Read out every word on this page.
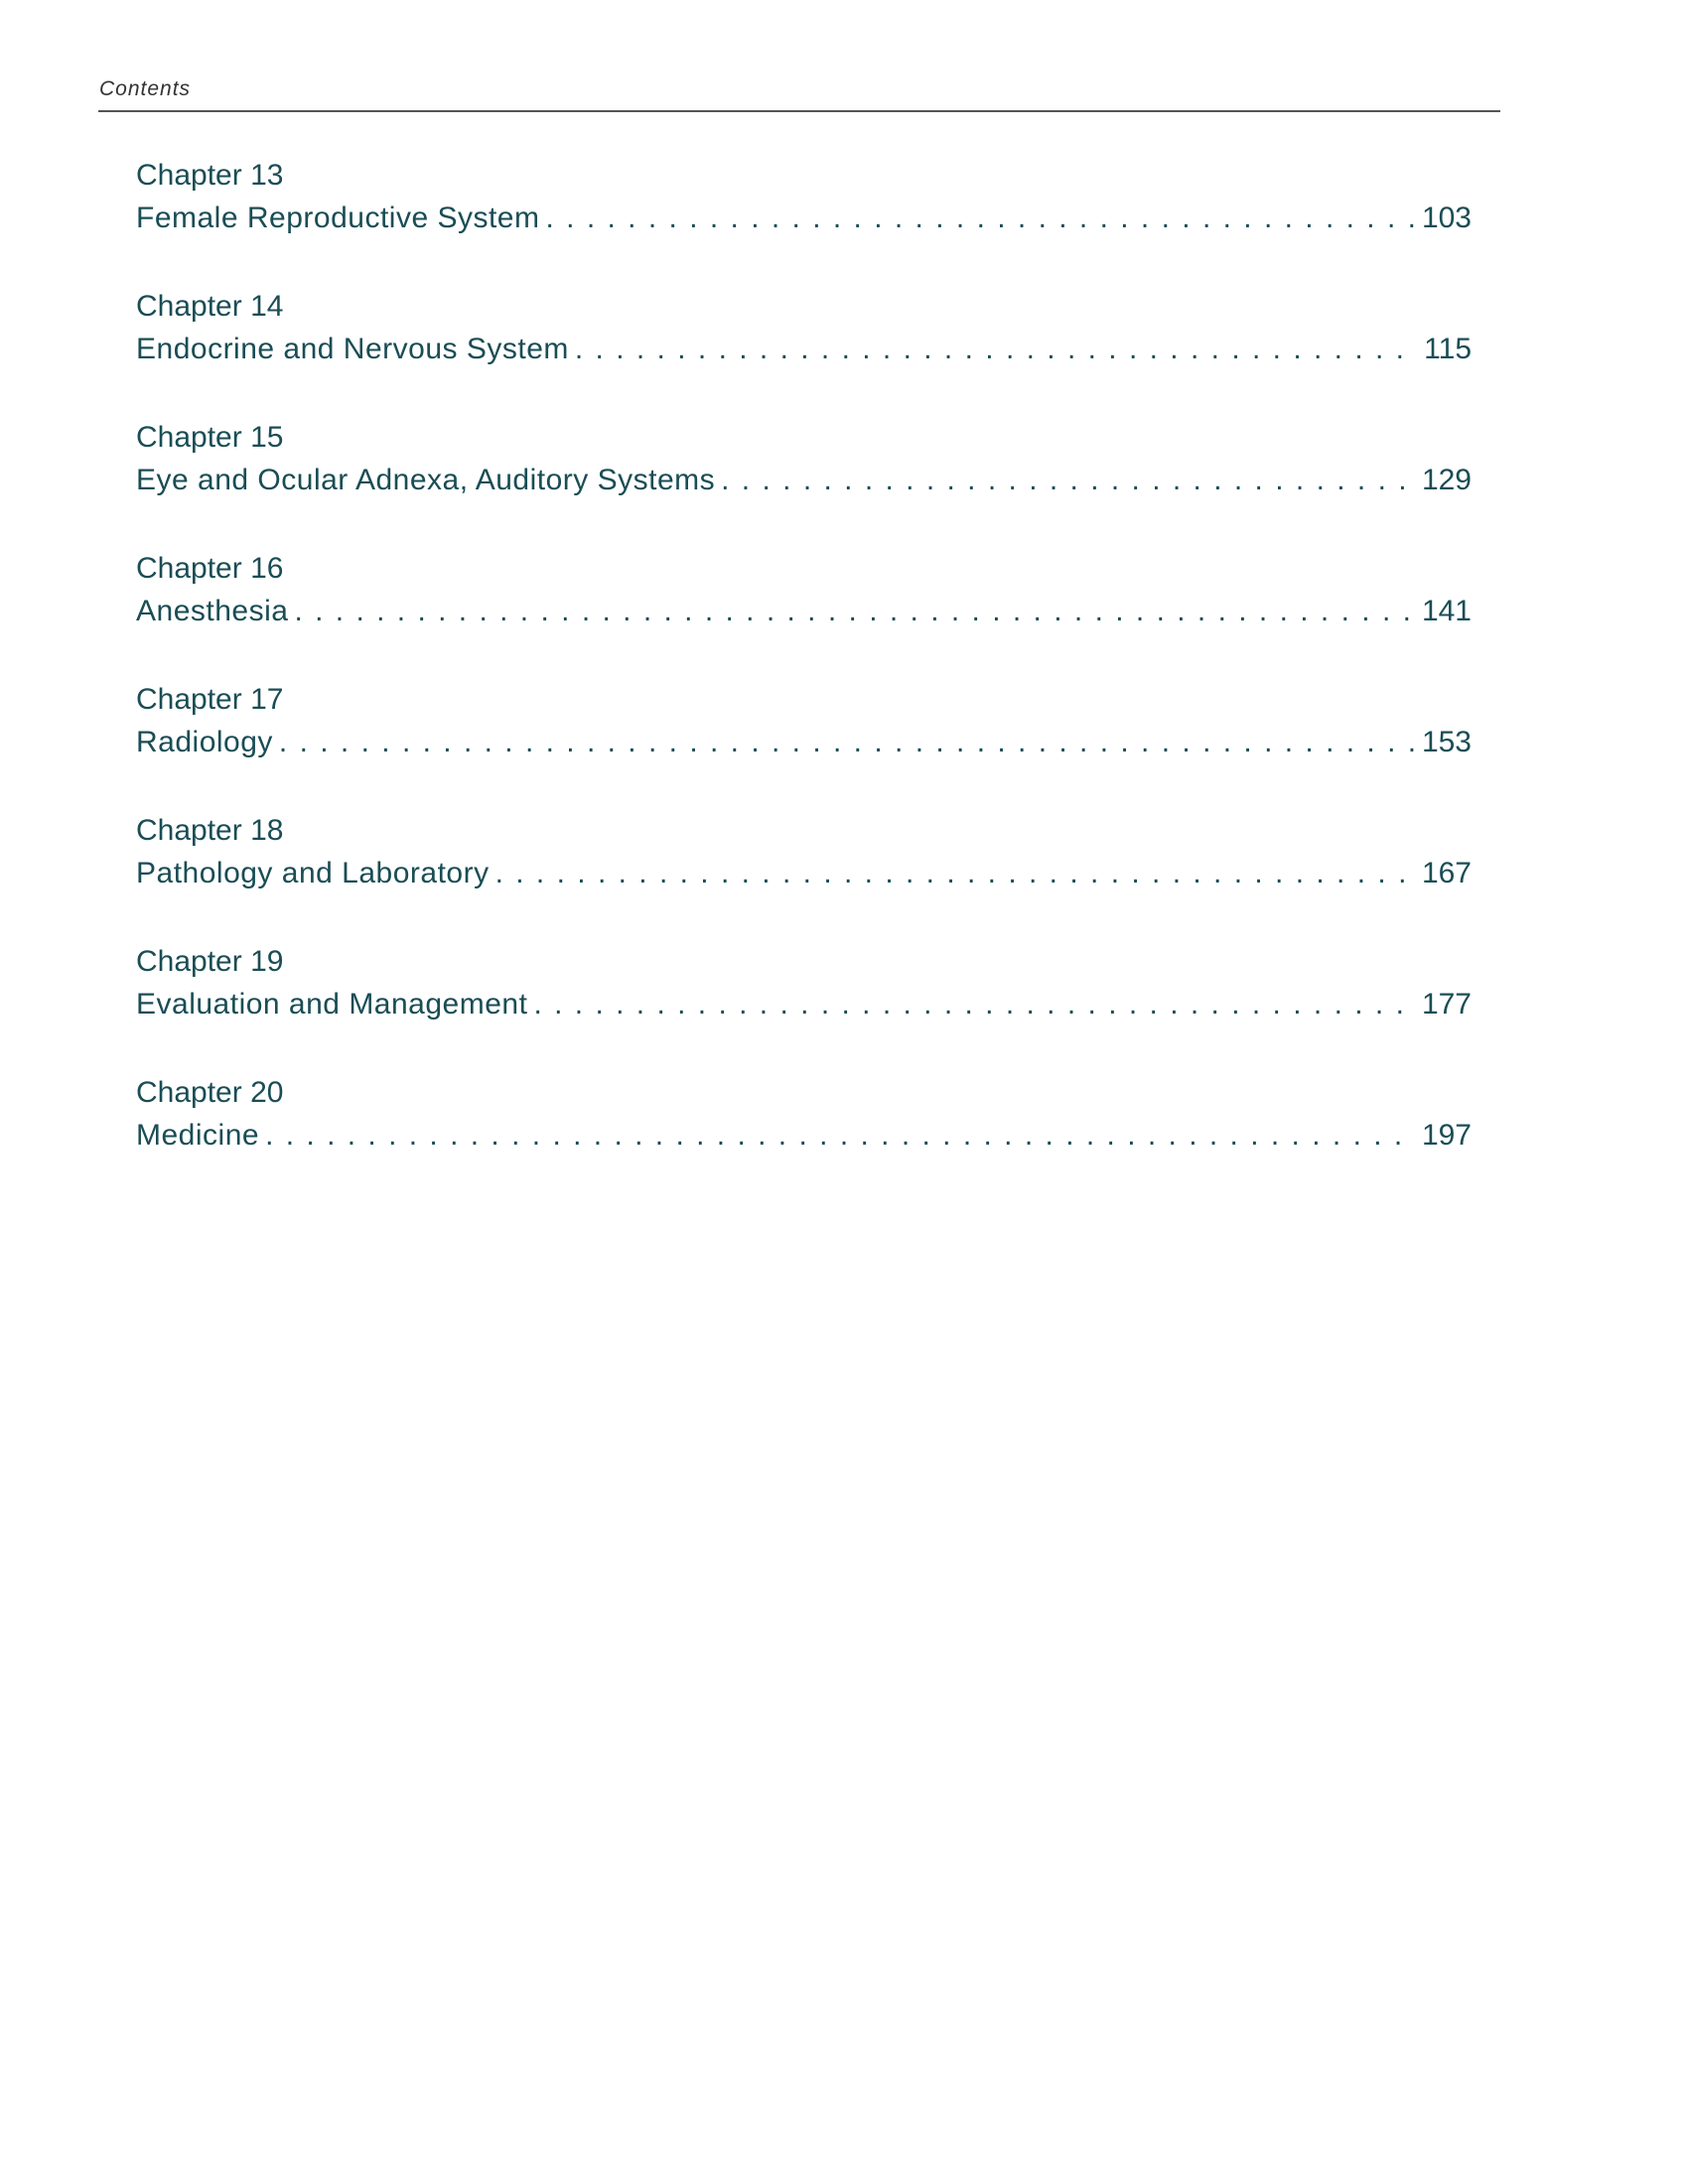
Contents
Chapter 13
Female Reproductive System . . .	103
Chapter 14
Endocrine and Nervous System . . .	115
Chapter 15
Eye and Ocular Adnexa, Auditory Systems . . .	129
Chapter 16
Anesthesia . . .	141
Chapter 17
Radiology . . .	153
Chapter 18
Pathology and Laboratory . . .	167
Chapter 19
Evaluation and Management . . .	177
Chapter 20
Medicine . . .	197
